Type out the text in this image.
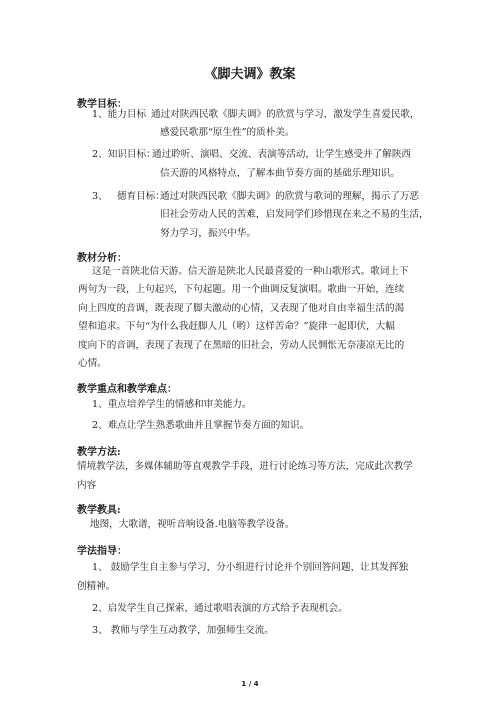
《脚夫调》教案
教学目标：
1、能力目标 通过对陕西民歌《脚夫调》的欣赏与学习，激发学生喜爱民歌，
感爱民歌那“原生性”的质朴美。
2、知识目标：
通过聆听、演唱、交流、表演等活动，让学生感受并了解陕西
信天游的风格特点，了解本曲节奏方面的基础乐理知识。
3、 德育目标：
通过对陕西民歌《脚夫调》的欣赏与歌词的理解，揭示了万恶
旧社会劳动人民的苦难，启发同学们珍惜现在来之不易的生活，
努力学习，振兴中华。
教材分析：
这是一首陕北信天游。信天游是陕北人民最喜爱的一种山歌形式。歌词上下
两句为一段，上句起兴，下句起题。用一个曲调反复演唱。歌曲一开始，连续
向上四度的音调，既表现了脚夫激动的心情，又表现了他对自由幸福生活的渴
望和追求。下句“为什么我赶脚人儿（哟）这样苦命？”旋律一起即伏，大幅
度向下的音调，表现了表现了在黑暗的旧社会，劳动人民惆怅无奈凄凉无比的
心情。
教学重点和教学难点：
1、重点培养学生的情感和审美能力。
2、难点让学生熟悉歌曲并且掌握节奏方面的知识。
教学方法:
情境教学法，多媒体辅助等直观教学手段，进行讨论练习等方法，完成此次教学
内容
教学教具:
地图，大歌谱，视听音响设备.电脑等教学设备。
学法指导：
1、 鼓励学生自主参与学习，分小组进行讨论并个别回答问题，让其发挥独
创精神。
2、启发学生自己探索，通过歌唱表演的方式给予表现机会。
3、 教师与学生互动教学，加强师生交流。
1 / 4
